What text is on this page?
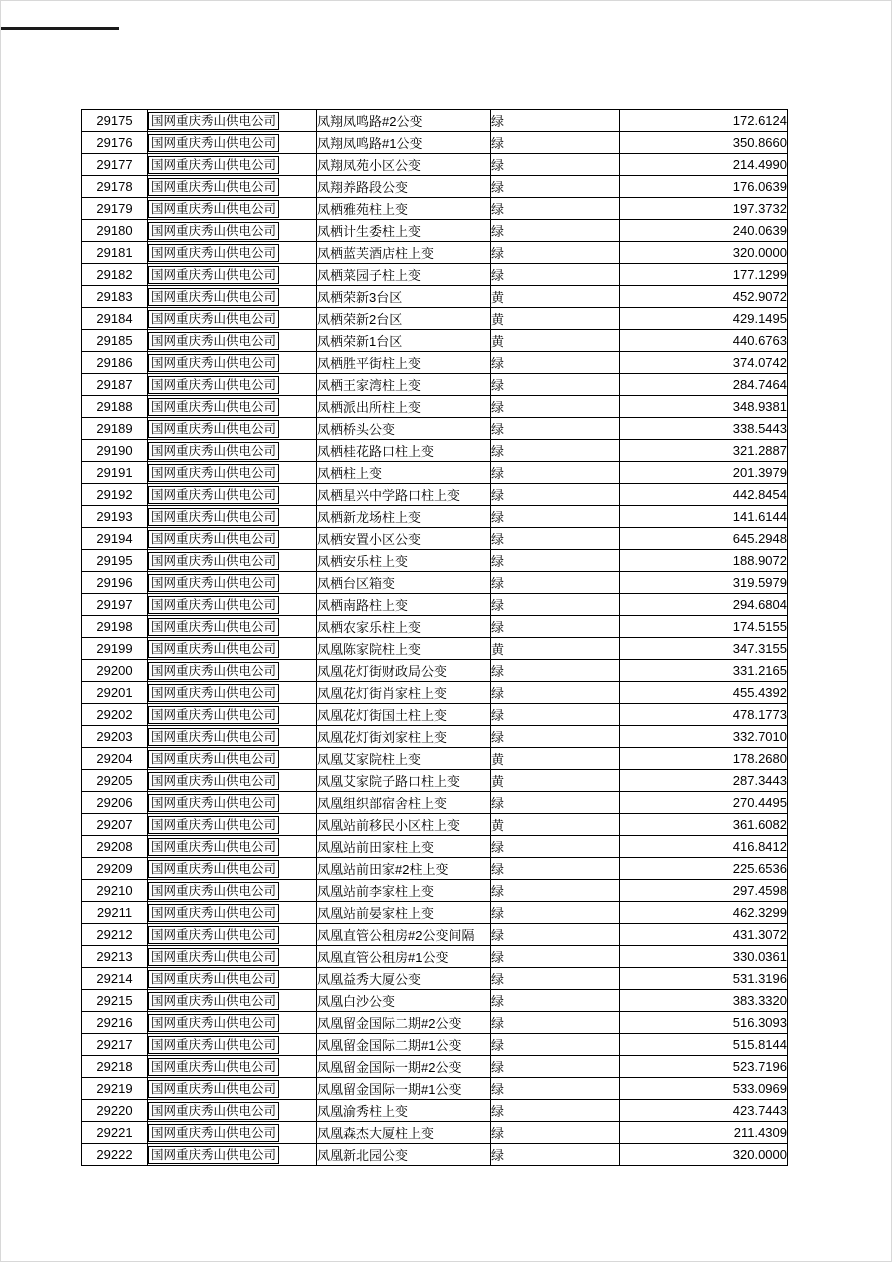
29175	国网重庆秀山供电公司	凤翔凤鸣路#2公变	绿	172.6124
29176	国网重庆秀山供电公司	凤翔凤鸣路#1公变	绿	350.8660
29177	国网重庆秀山供电公司	凤翔凤苑小区公变	绿	214.4990
29178	国网重庆秀山供电公司	凤翔养路段公变	绿	176.0639
29179	国网重庆秀山供电公司	凤栖雅苑柱上变	绿	197.3732
29180	国网重庆秀山供电公司	凤栖计生委柱上变	绿	240.0639
29181	国网重庆秀山供电公司	凤栖蓝芙酒店柱上变	绿	320.0000
29182	国网重庆秀山供电公司	凤栖菜园子柱上变	绿	177.1299
29183	国网重庆秀山供电公司	凤栖荣新3台区	黄	452.9072
29184	国网重庆秀山供电公司	凤栖荣新2台区	黄	429.1495
29185	国网重庆秀山供电公司	凤栖荣新1台区	黄	440.6763
29186	国网重庆秀山供电公司	凤栖胜平街柱上变	绿	374.0742
29187	国网重庆秀山供电公司	凤栖王家湾柱上变	绿	284.7464
29188	国网重庆秀山供电公司	凤栖派出所柱上变	绿	348.9381
29189	国网重庆秀山供电公司	凤栖桥头公变	绿	338.5443
29190	国网重庆秀山供电公司	凤栖桂花路口柱上变	绿	321.2887
29191	国网重庆秀山供电公司	凤栖柱上变	绿	201.3979
29192	国网重庆秀山供电公司	凤栖星兴中学路口柱上变	绿	442.8454
29193	国网重庆秀山供电公司	凤栖新龙场柱上变	绿	141.6144
29194	国网重庆秀山供电公司	凤栖安置小区公变	绿	645.2948
29195	国网重庆秀山供电公司	凤栖安乐柱上变	绿	188.9072
29196	国网重庆秀山供电公司	凤栖台区箱变	绿	319.5979
29197	国网重庆秀山供电公司	凤栖南路柱上变	绿	294.6804
29198	国网重庆秀山供电公司	凤栖农家乐柱上变	绿	174.5155
29199	国网重庆秀山供电公司	凤凰陈家院柱上变	黄	347.3155
29200	国网重庆秀山供电公司	凤凰花灯街财政局公变	绿	331.2165
29201	国网重庆秀山供电公司	凤凰花灯街肖家柱上变	绿	455.4392
29202	国网重庆秀山供电公司	凤凰花灯街国土柱上变	绿	478.1773
29203	国网重庆秀山供电公司	凤凰花灯街刘家柱上变	绿	332.7010
29204	国网重庆秀山供电公司	凤凰艾家院柱上变	黄	178.2680
29205	国网重庆秀山供电公司	凤凰艾家院子路口柱上变	黄	287.3443
29206	国网重庆秀山供电公司	凤凰组织部宿舍柱上变	绿	270.4495
29207	国网重庆秀山供电公司	凤凰站前移民小区柱上变	黄	361.6082
29208	国网重庆秀山供电公司	凤凰站前田家柱上变	绿	416.8412
29209	国网重庆秀山供电公司	凤凰站前田家#2柱上变	绿	225.6536
29210	国网重庆秀山供电公司	凤凰站前李家柱上变	绿	297.4598
29211	国网重庆秀山供电公司	凤凰站前晏家柱上变	绿	462.3299
29212	国网重庆秀山供电公司	凤凰直管公租房#2公变间隔	绿	431.3072
29213	国网重庆秀山供电公司	凤凰直管公租房#1公变	绿	330.0361
29214	国网重庆秀山供电公司	凤凰益秀大厦公变	绿	531.3196
29215	国网重庆秀山供电公司	凤凰白沙公变	绿	383.3320
29216	国网重庆秀山供电公司	凤凰留金国际二期#2公变	绿	516.3093
29217	国网重庆秀山供电公司	凤凰留金国际二期#1公变	绿	515.8144
29218	国网重庆秀山供电公司	凤凰留金国际一期#2公变	绿	523.7196
29219	国网重庆秀山供电公司	凤凰留金国际一期#1公变	绿	533.0969
29220	国网重庆秀山供电公司	凤凰渝秀柱上变	绿	423.7443
29221	国网重庆秀山供电公司	凤凰森杰大厦柱上变	绿	211.4309
29222	国网重庆秀山供电公司	凤凰新北园公变	绿	320.0000
